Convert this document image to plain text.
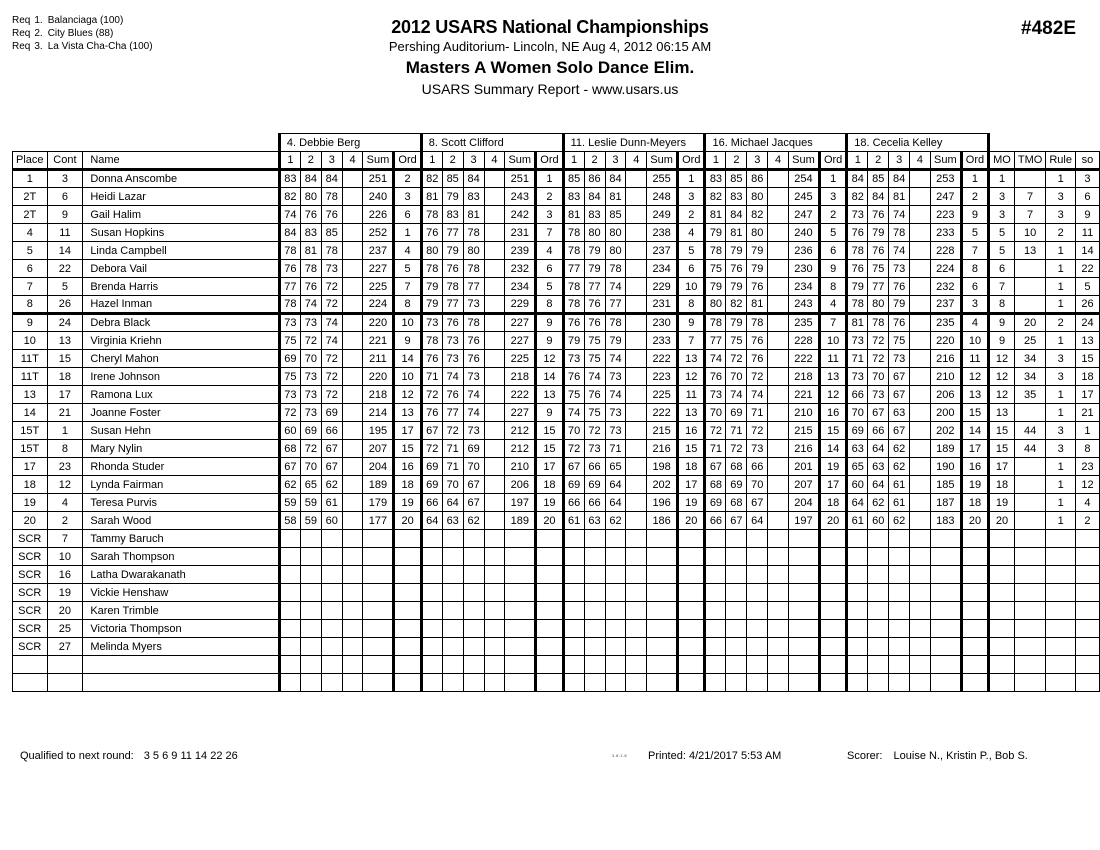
Req 1. Balanciaga (100)
Req 2. City Blues (88)
Req 3. La Vista Cha-Cha (100)
2012 USARS National Championships
Pershing Auditorium- Lincoln, NE Aug 4, 2012 06:15 AM
Masters A Women Solo Dance Elim.
USARS Summary Report - www.usars.us
#482E
			4. Debbie Berg						8. Scott Clifford						11. Leslie Dunn-Meyers						16. Michael Jacques						18. Cecelia Kelley									
Place	Cont	Name	1	2	3	4	Sum	Ord	1	2	3	4	Sum	Ord	1	2	3	4	Sum	Ord	1	2	3	4	Sum	Ord	1	2	3	4	Sum	Ord	MO	TMO	Rule	so
1	3	Donna Anscombe	83	84	84		251	2	82	85	84		251	1	85	86	84		255	1	83	85	86		254	1	84	85	84		253	1	1		1	3
2T	6	Heidi Lazar	82	80	78		240	3	81	79	83		243	2	83	84	81		248	3	82	83	80		245	3	82	84	81		247	2	3	7	3	6
2T	9	Gail Halim	74	76	76		226	6	78	83	81		242	3	81	83	85		249	2	81	84	82		247	2	73	76	74		223	9	3	7	3	9
4	11	Susan Hopkins	84	83	85		252	1	76	77	78		231	7	78	80	80		238	4	79	81	80		240	5	76	79	78		233	5	5	10	2	11
5	14	Linda Campbell	78	81	78		237	4	80	79	80		239	4	78	79	80		237	5	78	79	79		236	6	78	76	74		228	7	5	13	1	14
6	22	Debora Vail	76	78	73		227	5	78	76	78		232	6	77	79	78		234	6	75	76	79		230	9	76	75	73		224	8	6		1	22
7	5	Brenda Harris	77	76	72		225	7	79	78	77		234	5	78	77	74		229	10	79	79	76		234	8	79	77	76		232	6	7		1	5
8	26	Hazel Inman	78	74	72		224	8	79	77	73		229	8	78	76	77		231	8	80	82	81		243	4	78	80	79		237	3	8		1	26
9	24	Debra Black	73	73	74		220	10	73	76	78		227	9	76	76	78		230	9	78	79	78		235	7	81	78	76		235	4	9	20	2	24
10	13	Virginia Kriehn	75	72	74		221	9	78	73	76		227	9	79	75	79		233	7	77	75	76		228	10	73	72	75		220	10	9	25	1	13
11T	15	Cheryl Mahon	69	70	72		211	14	76	73	76		225	12	73	75	74		222	13	74	72	76		222	11	71	72	73		216	11	12	34	3	15
11T	18	Irene Johnson	75	73	72		220	10	71	74	73		218	14	76	74	73		223	12	76	70	72		218	13	73	70	67		210	12	12	34	3	18
13	17	Ramona Lux	73	73	72		218	12	72	76	74		222	13	75	76	74		225	11	73	74	74		221	12	66	73	67		206	13	12	35	1	17
14	21	Joanne Foster	72	73	69		214	13	76	77	74		227	9	74	75	73		222	13	70	69	71		210	16	70	67	63		200	15	13		1	21
15T	1	Susan Hehn	60	69	66		195	17	67	72	73		212	15	70	72	73		215	16	72	71	72		215	15	69	66	67		202	14	15	44	3	1
15T	8	Mary Nylin	68	72	67		207	15	72	71	69		212	15	72	73	71		216	15	71	72	73		216	14	63	64	62		189	17	15	44	3	8
17	23	Rhonda Studer	67	70	67		204	16	69	71	70		210	17	67	66	65		198	18	67	68	66		201	19	65	63	62		190	16	17		1	23
18	12	Lynda Fairman	62	65	62		189	18	69	70	67		206	18	69	69	64		202	17	68	69	70		207	17	60	64	61		185	19	18		1	12
19	4	Teresa Purvis	59	59	61		179	19	66	64	67		197	19	66	66	64		196	19	69	68	67		204	18	64	62	61		187	18	19		1	4
20	2	Sarah Wood	58	59	60		177	20	64	63	62		189	20	61	63	62		186	20	66	67	64		197	20	61	60	62		183	20	20		1	2
SCR	7	Tammy Baruch																																		
SCR	10	Sarah Thompson																																		
SCR	16	Latha Dwarakanath																																		
SCR	19	Vickie Henshaw																																		
SCR	20	Karen Trimble																																		
SCR	25	Victoria Thompson																																		
SCR	27	Melinda Myers																																		

Qualified to next round: 3 5 6 9 11 14 22 26	3.8.1.8 Printed: 4/21/2017 5:53 AM	Scorer: Louise N., Kristin P., Bob S.
